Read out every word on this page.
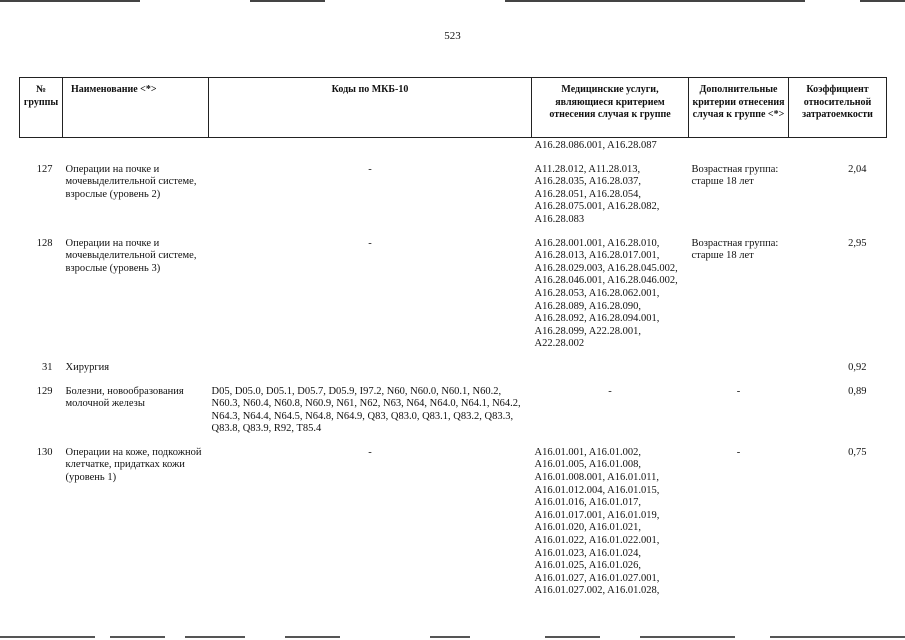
523
№ группы	Наименование <*>	Коды по МКБ-10	Медицинские услуги, являющиеся критерием отнесения случая к группе	Дополнительные критерии отнесения случая к группе <*>	Коэффициент относительной затратоемкости
			A16.28.086.001, A16.28.087		
127	Операции на почке и мочевыделительной системе, взрослые (уровень 2)	-	A11.28.012, A11.28.013, A16.28.035, A16.28.037, A16.28.051, A16.28.054, A16.28.075.001, A16.28.082, A16.28.083	Возрастная группа: старше 18 лет	2,04
128	Операции на почке и мочевыделительной системе, взрослые (уровень 3)	-	A16.28.001.001, A16.28.010, A16.28.013, A16.28.017.001, A16.28.029.003, A16.28.045.002, A16.28.046.001, A16.28.046.002, A16.28.053, A16.28.062.001, A16.28.089, A16.28.090, A16.28.092, A16.28.094.001, A16.28.099, A22.28.001, A22.28.002	Возрастная группа: старше 18 лет	2,95
31	Хирургия				0,92
129	Болезни, новообразования молочной железы	D05, D05.0, D05.1, D05.7, D05.9, I97.2, N60, N60.0, N60.1, N60.2, N60.3, N60.4, N60.8, N60.9, N61, N62, N63, N64, N64.0, N64.1, N64.2, N64.3, N64.4, N64.5, N64.8, N64.9, Q83, Q83.0, Q83.1, Q83.2, Q83.3, Q83.8, Q83.9, R92, T85.4	-	-	0,89
130	Операции на коже, подкожной клетчатке, придатках кожи (уровень 1)	-	A16.01.001, A16.01.002, A16.01.005, A16.01.008, A16.01.008.001, A16.01.011, A16.01.012.004, A16.01.015, A16.01.016, A16.01.017, A16.01.017.001, A16.01.019, A16.01.020, A16.01.021, A16.01.022, A16.01.022.001, A16.01.023, A16.01.024, A16.01.025, A16.01.026, A16.01.027, A16.01.027.001, A16.01.027.002, A16.01.028,	-	0,75
